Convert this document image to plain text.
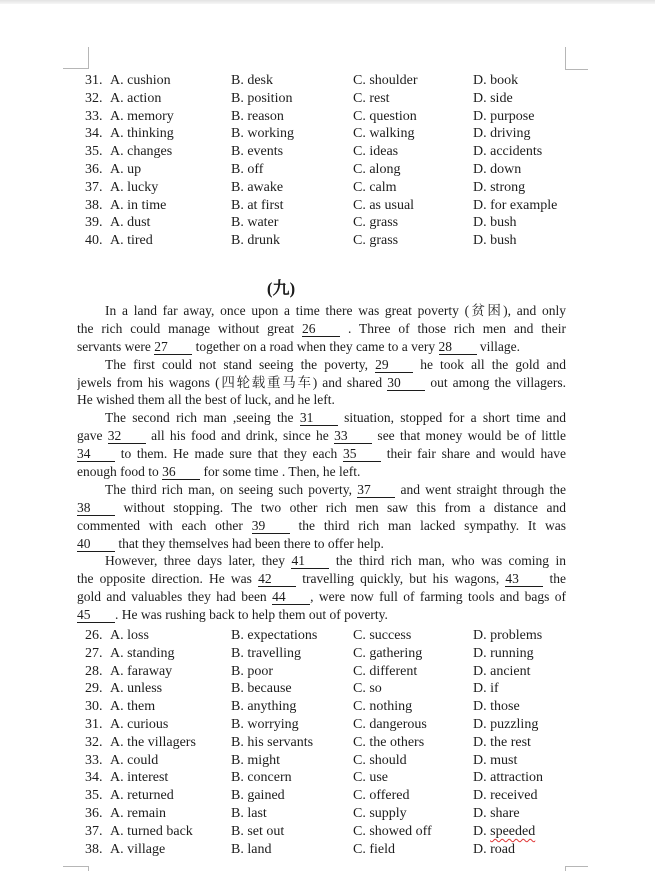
31. A. cushion	B. desk	C. shoulder	D. book
32. A. action	B. position	C. rest	D. side
33. A. memory	B. reason	C. question	D. purpose
34. A. thinking	B. working	C. walking	D. driving
35. A. changes	B. events	C. ideas	D. accidents
36. A. up	B. off	C. along	D. down
37. A. lucky	B. awake	C. calm	D. strong
38. A. in time	B. at first	C. as usual	D. for example
39. A. dust	B. water	C. grass	D. bush
40. A. tired	B. drunk	C. grass	D. bush
(九)
In a land far away, once upon a time there was great poverty (贫困), and only
the rich could manage without great 26 . Three of those rich men and their
servants were 27 together on a road when they came to a very 28 village.
The first could not stand seeing the poverty, 29 he took all the gold and
jewels from his wagons (四轮载重马车) and shared 30 out among the villagers.
He wished them all the best of luck, and he left.
The second rich man ,seeing the 31 situation, stopped for a short time and
gave 32 all his food and drink, since he 33 see that money would be of little
34 to them. He made sure that they each 35 their fair share and would have
enough food to 36 for some time . Then, he left.
The third rich man, on seeing such poverty, 37 and went straight through the
38 without stopping. The two other rich men saw this from a distance and
commented with each other 39 the third rich man lacked sympathy. It was
40 that they themselves had been there to offer help.
However, three days later, they 41 the third rich man, who was coming in
the opposite direction. He was 42 travelling quickly, but his wagons, 43 the
gold and valuables they had been 44 , were now full of farming tools and bags of
45 . He was rushing back to help them out of poverty.
26. A. loss	B. expectations	C. success	D. problems
27. A. standing	B. travelling	C. gathering	D. running
28. A. faraway	B. poor	C. different	D. ancient
29. A. unless	B. because	C. so	D. if
30. A. them	B. anything	C. nothing	D. those
31. A. curious	B. worrying	C. dangerous	D. puzzling
32. A. the villagers	B. his servants	C. the others	D. the rest
33. A. could	B. might	C. should	D. must
34. A. interest	B. concern	C. use	D. attraction
35. A. returned	B. gained	C. offered	D. received
36. A. remain	B. last	C. supply	D. share
37. A. turned back	B. set out	C. showed off	D. speeded
38. A. village	B. land	C. field	D. road
